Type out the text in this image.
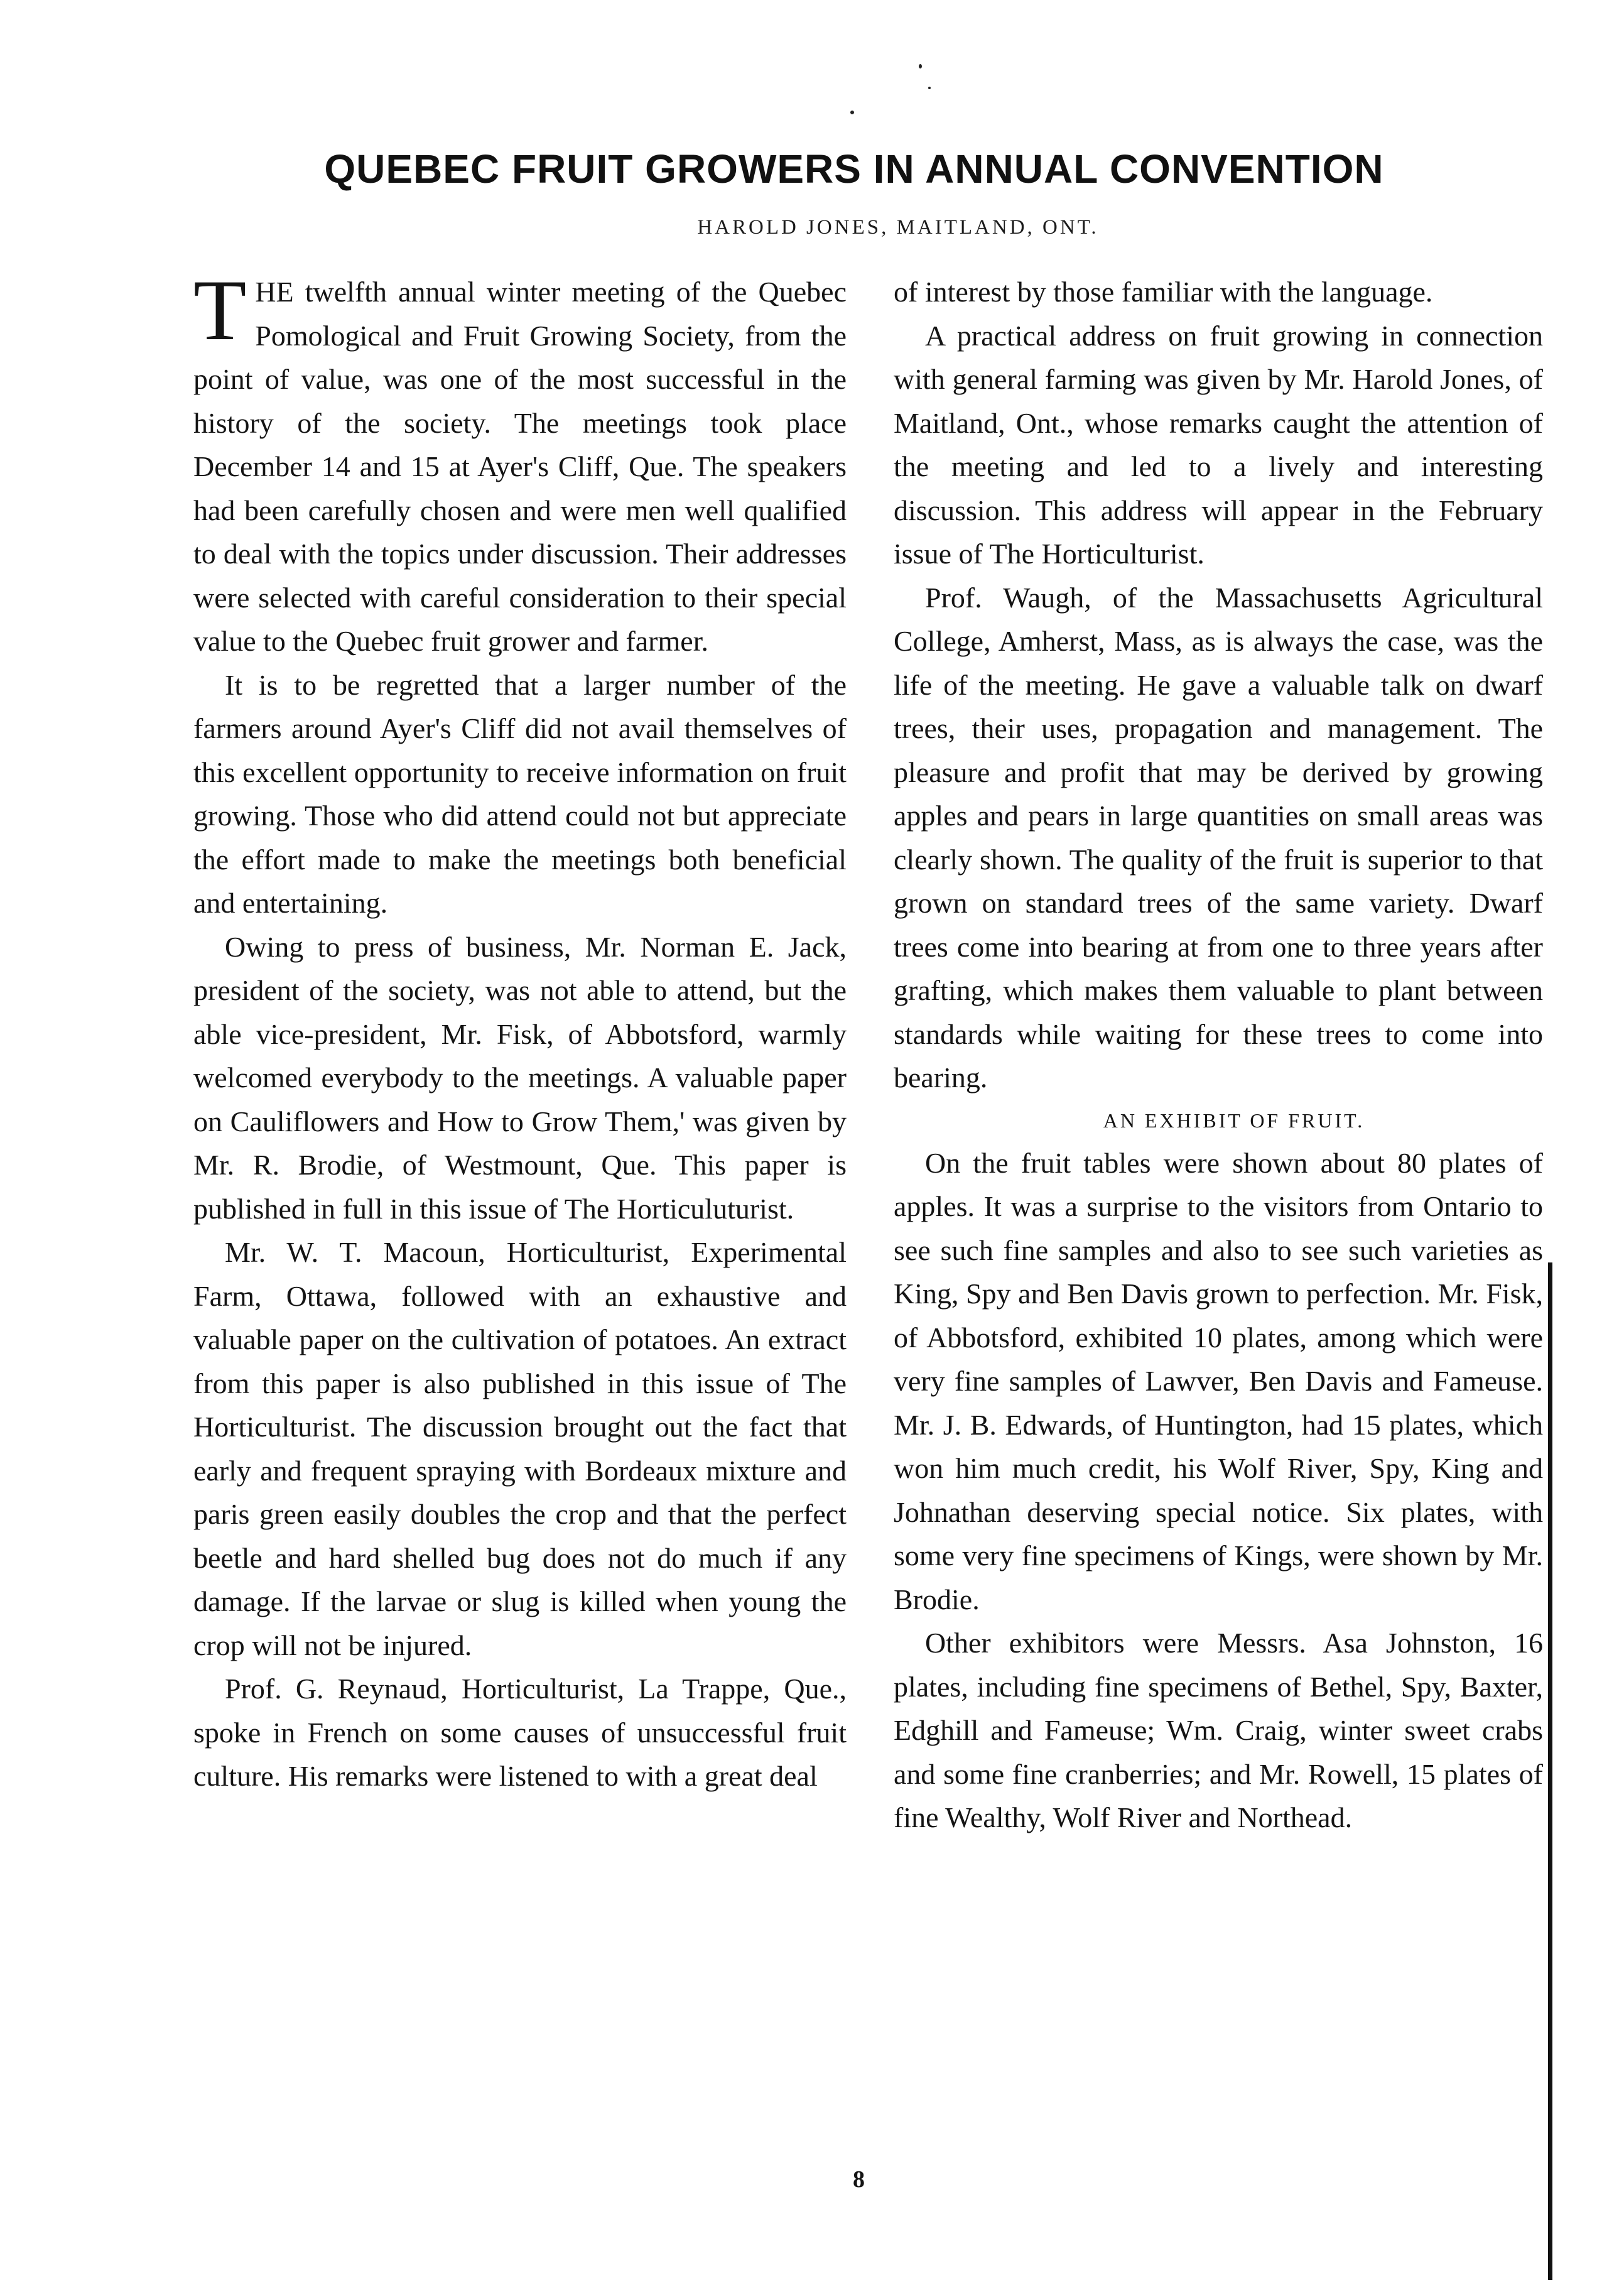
QUEBEC FRUIT GROWERS IN ANNUAL CONVENTION

HAROLD JONES, MAITLAND, ONT.

THE twelfth annual winter meeting of the Quebec Pomological and Fruit Growing Society, from the point of value, was one of the most successful in the history of the society. The meetings took place December 14 and 15 at Ayer's Cliff, Que. The speakers had been carefully chosen and were men well qualified to deal with the topics under discussion. Their addresses were selected with careful consideration to their special value to the Quebec fruit grower and farmer.

It is to be regretted that a larger number of the farmers around Ayer's Cliff did not avail themselves of this excellent opportunity to receive information on fruit growing. Those who did attend could not but appreciate the effort made to make the meetings both beneficial and entertaining.

Owing to press of business, Mr. Norman E. Jack, president of the society, was not able to attend, but the able vice-president, Mr. Fisk, of Abbotsford, warmly welcomed everybody to the meetings. A valuable paper on Cauliflowers and How to Grow Them,' was given by Mr. R. Brodie, of Westmount, Que. This paper is published in full in this issue of The Horticuluturist.

Mr. W. T. Macoun, Horticulturist, Experimental Farm, Ottawa, followed with an exhaustive and valuable paper on the cultivation of potatoes. An extract from this paper is also published in this issue of The Horticulturist. The discussion brought out the fact that early and frequent spraying with Bordeaux mixture and paris green easily doubles the crop and that the perfect beetle and hard shelled bug does not do much if any damage. If the larvae or slug is killed when young the crop will not be injured.

Prof. G. Reynaud, Horticulturist, La Trappe, Que., spoke in French on some causes of unsuccessful fruit culture. His remarks were listened to with a great deal

of interest by those familiar with the language.

A practical address on fruit growing in connection with general farming was given by Mr. Harold Jones, of Maitland, Ont., whose remarks caught the attention of the meeting and led to a lively and interesting discussion. This address will appear in the February issue of The Horticulturist.

Prof. Waugh, of the Massachusetts Agricultural College, Amherst, Mass, as is always the case, was the life of the meeting. He gave a valuable talk on dwarf trees, their uses, propagation and management. The pleasure and profit that may be derived by growing apples and pears in large quantities on small areas was clearly shown. The quality of the fruit is superior to that grown on standard trees of the same variety. Dwarf trees come into bearing at from one to three years after grafting, which makes them valuable to plant between standards while waiting for these trees to come into bearing.

AN EXHIBIT OF FRUIT.

On the fruit tables were shown about 80 plates of apples. It was a surprise to the visitors from Ontario to see such fine samples and also to see such varieties as King, Spy and Ben Davis grown to perfection. Mr. Fisk, of Abbotsford, exhibited 10 plates, among which were very fine samples of Lawver, Ben Davis and Fameuse. Mr. J. B. Edwards, of Huntington, had 15 plates, which won him much credit, his Wolf River, Spy, King and Johnathan deserving special notice. Six plates, with some very fine specimens of Kings, were shown by Mr. Brodie.

Other exhibitors were Messrs. Asa Johnston, 16 plates, including fine specimens of Bethel, Spy, Baxter, Edghill and Fameuse; Wm. Craig, winter sweet crabs and some fine cranberries; and Mr. Rowell, 15 plates of fine Wealthy, Wolf River and Northead.

8
